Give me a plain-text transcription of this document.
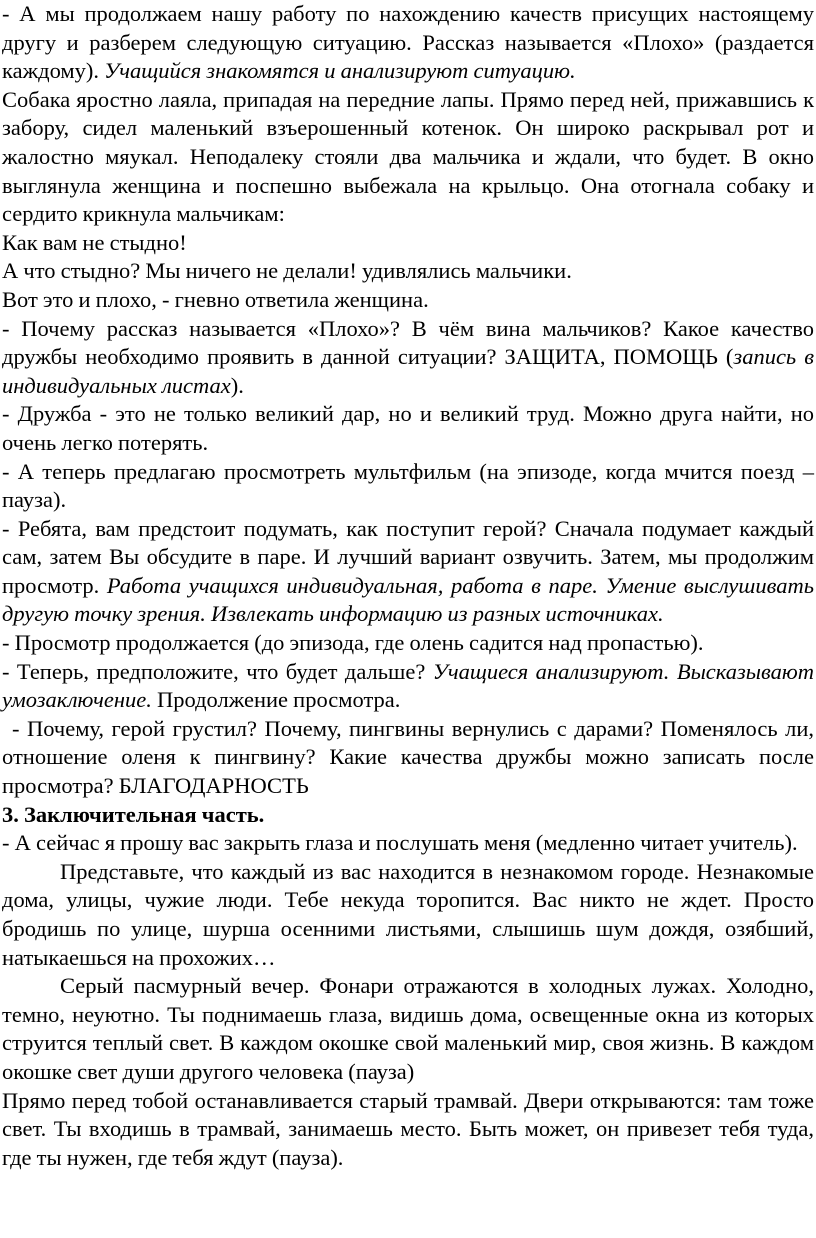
- А мы продолжаем нашу работу по нахождению качеств присущих настоящему другу и разберем следующую ситуацию. Рассказ называется «Плохо» (раздается каждому). Учащийся знакомятся и анализируют ситуацию.

Собака яростно лаяла, припадая на передние лапы. Прямо перед ней, прижавшись к забору, сидел маленький взъерошенный котенок. Он широко раскрывал рот и жалостно мяукал. Неподалеку стояли два мальчика и ждали, что будет. В окно выглянула женщина и поспешно выбежала на крыльцо. Она отогнала собаку и сердито крикнула мальчикам:

Как вам не стыдно!

А что стыдно? Мы ничего не делали! удивлялись мальчики.

Вот это и плохо, - гневно ответила женщина.

- Почему рассказ называется «Плохо»? В чём вина мальчиков? Какое качество дружбы необходимо проявить в данной ситуации? ЗАЩИТА, ПОМОЩЬ (запись в индивидуальных листах).

- Дружба - это не только великий дар, но и великий труд. Можно друга найти, но очень легко потерять.

- А теперь предлагаю просмотреть мультфильм (на эпизоде, когда мчится поезд – пауза).

- Ребята, вам предстоит подумать, как поступит герой? Сначала подумает каждый сам, затем Вы обсудите в паре. И лучший вариант озвучить. Затем, мы продолжим просмотр. Работа учащихся индивидуальная, работа в паре. Умение выслушивать другую точку зрения. Извлекать информацию из разных источниках.

- Просмотр продолжается (до эпизода, где олень садится над пропастью).

- Теперь, предположите, что будет дальше? Учащиеся анализируют. Высказывают умозаключение. Продолжение просмотра.

- Почему, герой грустил? Почему, пингвины вернулись с дарами? Поменялось ли, отношение оленя к пингвину? Какие качества дружбы можно записать после просмотра? БЛАГОДАРНОСТЬ

3. Заключительная часть.

- А сейчас я прошу вас закрыть глаза и послушать меня (медленно читает учитель).

Представьте, что каждый из вас находится в незнакомом городе. Незнакомые дома, улицы, чужие люди. Тебе некуда торопится. Вас никто не ждет. Просто бродишь по улице, шурша осенними листьями, слышишь шум дождя, озябший, натыкаешься на прохожих…

Серый пасмурный вечер. Фонари отражаются в холодных лужах. Холодно, темно, неуютно. Ты поднимаешь глаза, видишь дома, освещенные окна из которых струится теплый свет. В каждом окошке свой маленький мир, своя жизнь. В каждом окошке свет души другого человека (пауза)

Прямо перед тобой останавливается старый трамвай. Двери открываются: там тоже свет. Ты входишь в трамвай, занимаешь место. Быть может, он привезет тебя туда, где ты нужен, где тебя ждут (пауза).
